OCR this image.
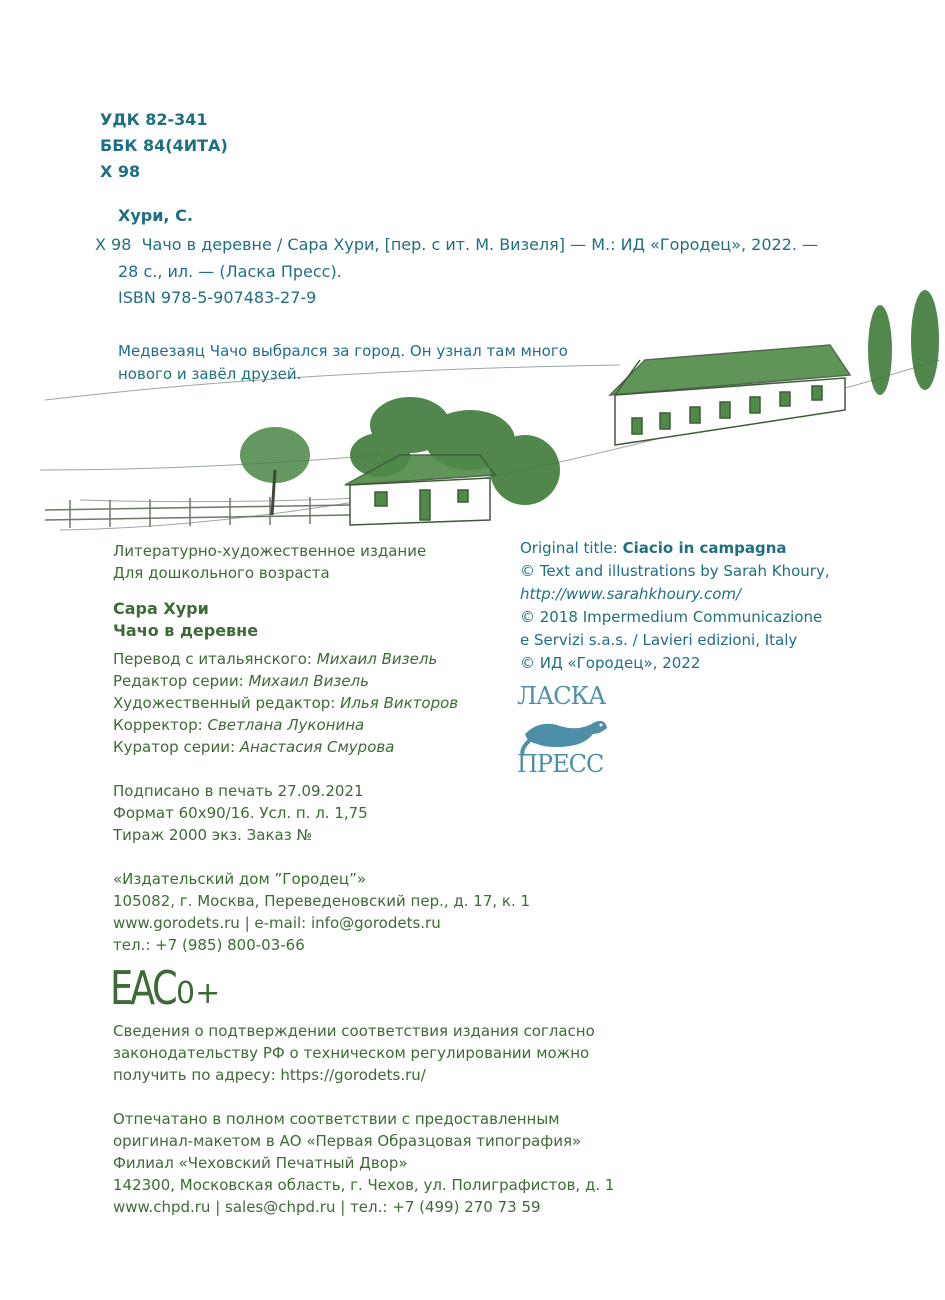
УДК 82-341
ББК 84(4ИТА)
Х 98
Хури, С.
Х 98 Чачо в деревне / Сара Хури, [пер. с ит. М. Визеля] — М.: ИД «Городец», 2022. —
28 с., ил. — (Ласка Пресс).
ISBN 978-5-907483-27-9
Медвезаяц Чачо выбрался за город. Он узнал там много
нового и завёл друзей.
Литературно-художественное издание
Для дошкольного возраста
Сара Хури
Чачо в деревне
Перевод с итальянского: Михаил Визель
Редактор серии: Михаил Визель
Художественный редактор: Илья Викторов
Корректор: Светлана Луконина
Куратор серии: Анастасия Смурова
Подписано в печать 27.09.2021
Формат 60х90/16. Усл. п. л. 1,75
Тираж 2000 экз. Заказ №
«Издательский дом ”Городец”»
105082, г. Москва, Переведеновский пер., д. 17, к. 1
www.gorodets.ru | e-mail: info@gorodets.ru
тел.: +7 (985) 800-03-66
ЕАС 0+
Сведения о подтверждении соответствия издания согласно
законодательству РФ о техническом регулировании можно
получить по адресу: https://gorodets.ru/
Отпечатано в полном соответствии с предоставленным
оригинал-макетом в АО «Первая Образцовая типография»
Филиал «Чеховский Печатный Двор»
142300, Московская область, г. Чехов, ул. Полиграфистов, д. 1
www.chpd.ru | sales@chpd.ru | тел.: +7 (499) 270 73 59
Original title: Ciacio in campagna
© Text and illustrations by Sarah Khoury,
http://www.sarahkhoury.com/
© 2018 Impermedium Communicazione
e Servizi s.a.s. / Lavieri edizioni, Italy
© ИД «Городец», 2022
ЛАСКА
ПРЕСС
